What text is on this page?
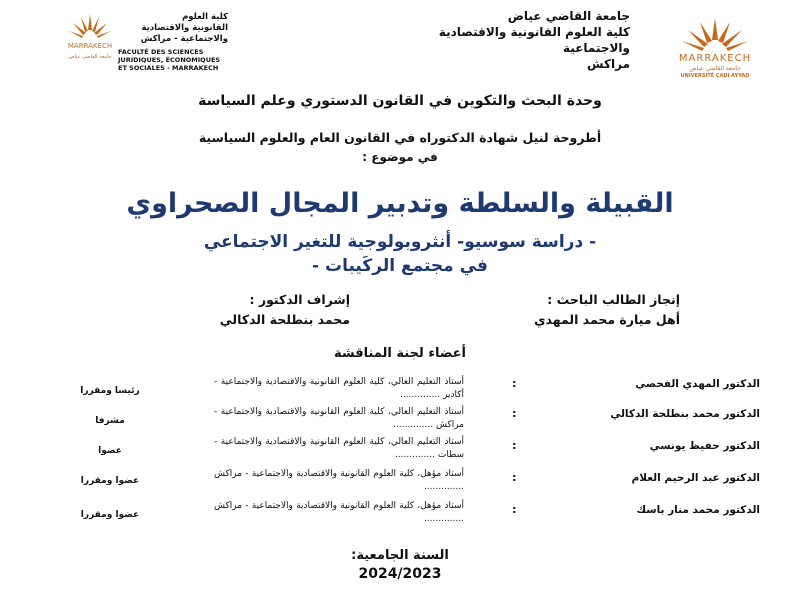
MARRAKECH
جامعة القاضي عياض
UNIVERSITÉ CADI AYYAD
جامعة القاضي عياض
كلية العلوم القانونية والاقتصادية والاجتماعية
مراكش
MARRAKECH
جامعة القاضي عياض
كلية العلوم
القانونية والاقتصادية
والاجتماعية - مراكش
FACULTÉ DES SCIENCES
JURIDIQUES, ÉCONOMIQUES
ET SOCIALES - MARRAKECH
وحدة البحث والتكوين في القانون الدستوري وعلم السياسة
أطروحة لنيل شهادة الدكتوراه في القانون العام والعلوم السياسية
في موضوع :
القبيلة والسلطة وتدبير المجال الصحراوي
- دراسة سوسيو- أنثروبولوجية للتغير الاجتماعي
في مجتمع الركَيبات -
إنجاز الطالب الباحث :
أهل ميارة محمد المهدي
إشراف الدكتور :
محمد بنطلحة الدكالي
أعضاء لجنة المناقشة
الدكتور المهدي الفحصي
:
أستاذ التعليم العالي، كلية العلوم القانونية والاقتصادية والاجتماعية - أكادير ..............
رئيسا ومقررا
الدكتور محمد بنطلحة الدكالي
:
أستاذ التعليم العالي، كلية العلوم القانونية والاقتصادية والاجتماعية - مراكش ..............
مشرفا
الدكتور حفيظ يونسي
:
أستاذ التعليم العالي، كلية العلوم القانونية والاقتصادية والاجتماعية - سطات ..............
عضوا
الدكتور عبد الرحيم العلام
:
أستاذ مؤهل، كلية العلوم القانونية والاقتصادية والاجتماعية - مراكش ..............
عضوا ومقررا
الدكتور محمد منار باسك
:
أستاذ مؤهل، كلية العلوم القانونية والاقتصادية والاجتماعية - مراكش ..............
عضوا ومقررا
السنة الجامعية:
2024/2023
